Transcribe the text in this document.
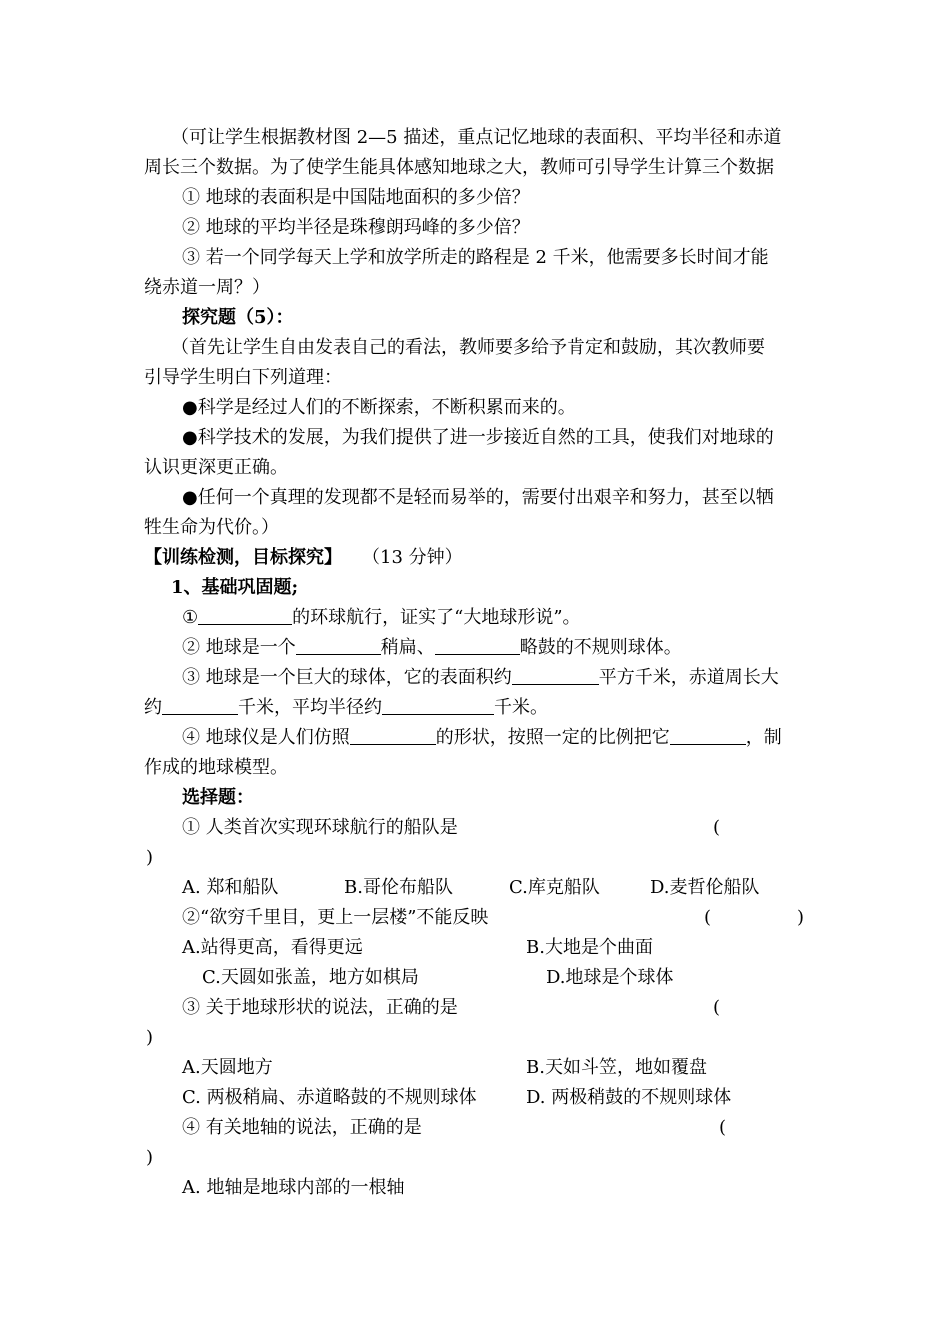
（可让学生根据教材图 2—5 描述，重点记忆地球的表面积、平均半径和赤道
周长三个数据。为了使学生能具体感知地球之大，教师可引导学生计算三个数据
① 地球的表面积是中国陆地面积的多少倍？
② 地球的平均半径是珠穆朗玛峰的多少倍？
③ 若一个同学每天上学和放学所走的路程是 2 千米，他需要多长时间才能
绕赤道一周？）
探究题（5）：
（首先让学生自由发表自己的看法，教师要多给予肯定和鼓励，其次教师要
引导学生明白下列道理：
●科学是经过人们的不断探索，不断积累而来的。
●科学技术的发展，为我们提供了进一步接近自然的工具，使我们对地球的
认识更深更正确。
●任何一个真理的发现都不是轻而易举的，需要付出艰辛和努力，甚至以牺
牲生命为代价。）
【训练检测，目标探究】 （13 分钟）
1、基础巩固题;
①	的环球航行，证实了“大地球形说”。
② 地球是一个	稍扁、	略鼓的不规则球体。
③ 地球是一个巨大的球体，它的表面积约	平方千米，赤道周长大
约	千米，平均半径约	千米。
④ 地球仪是人们仿照	的形状，按照一定的比例把它	，制
作成的地球模型。
选择题：
① 人类首次实现环球航行的船队是	(
)
A. 郑和船队	B.哥伦布船队	C.库克船队	D.麦哲伦船队
②“欲穷千里目，更上一层楼”不能反映	(	)
A.站得更高，看得更远	B.大地是个曲面
C.天圆如张盖，地方如棋局	D.地球是个球体
③ 关于地球形状的说法，正确的是	(
)
A.天圆地方	B.天如斗笠，地如覆盘
C. 两极稍扁、赤道略鼓的不规则球体	D. 两极稍鼓的不规则球体
④ 有关地轴的说法，正确的是	(
)
A. 地轴是地球内部的一根轴
